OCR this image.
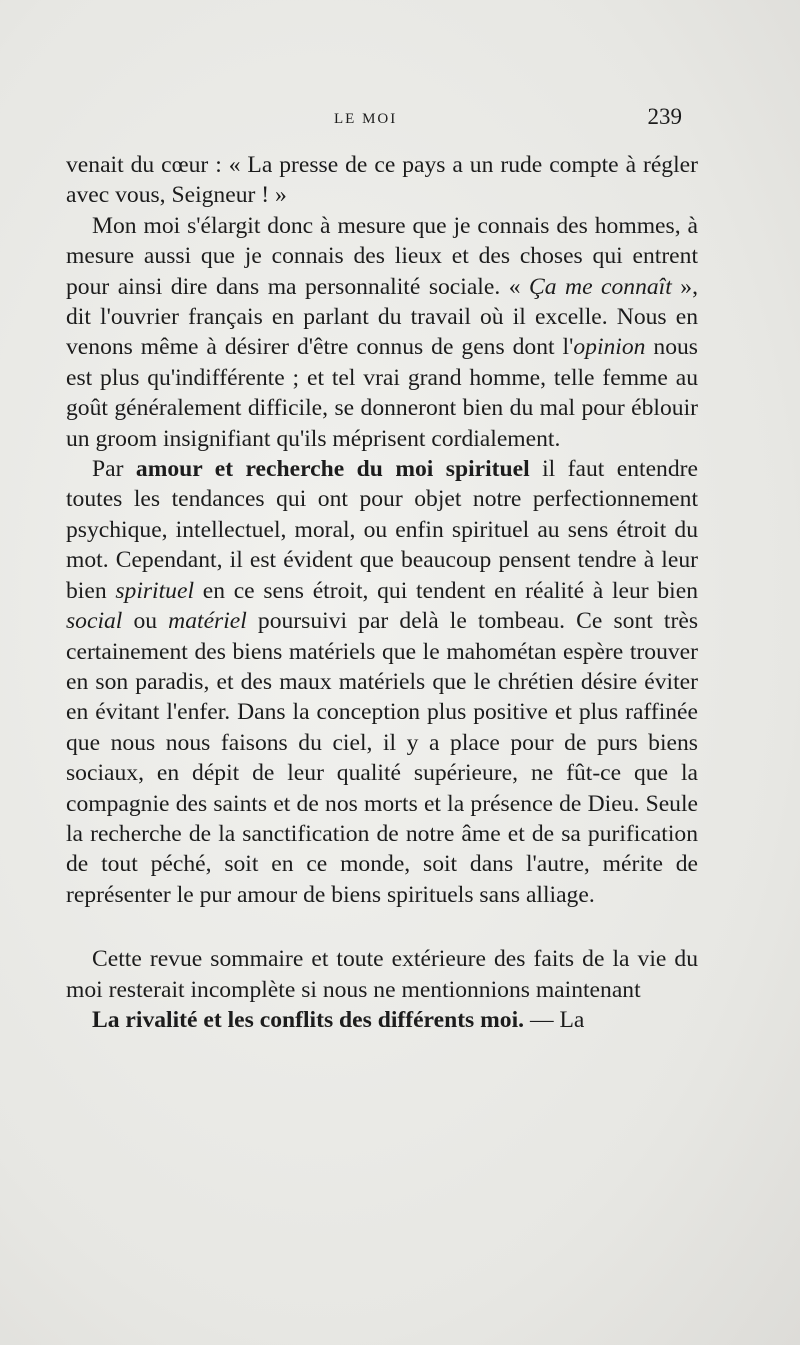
LE MOI	239

venait du cœur : « La presse de ce pays a un rude compte à régler avec vous, Seigneur ! »

Mon moi s'élargit donc à mesure que je connais des hommes, à mesure aussi que je connais des lieux et des choses qui entrent pour ainsi dire dans ma personnalité sociale. « Ça me connaît », dit l'ouvrier français en parlant du travail où il excelle. Nous en venons même à désirer d'être connus de gens dont l'opinion nous est plus qu'indifférente ; et tel vrai grand homme, telle femme au goût généralement difficile, se donneront bien du mal pour éblouir un groom insignifiant qu'ils méprisent cordialement.

Par amour et recherche du moi spirituel il faut entendre toutes les tendances qui ont pour objet notre perfectionnement psychique, intellectuel, moral, ou enfin spirituel au sens étroit du mot. Cependant, il est évident que beaucoup pensent tendre à leur bien spirituel en ce sens étroit, qui tendent en réalité à leur bien social ou matériel poursuivi par delà le tombeau. Ce sont très certainement des biens matériels que le mahométan espère trouver en son paradis, et des maux matériels que le chrétien désire éviter en évitant l'enfer. Dans la conception plus positive et plus raffinée que nous nous faisons du ciel, il y a place pour de purs biens sociaux, en dépit de leur qualité supérieure, ne fût-ce que la compagnie des saints et de nos morts et la présence de Dieu. Seule la recherche de la sanctification de notre âme et de sa purification de tout péché, soit en ce monde, soit dans l'autre, mérite de représenter le pur amour de biens spirituels sans alliage.

Cette revue sommaire et toute extérieure des faits de la vie du moi resterait incomplète si nous ne mentionnions maintenant

La rivalité et les conflits des différents moi. — La
